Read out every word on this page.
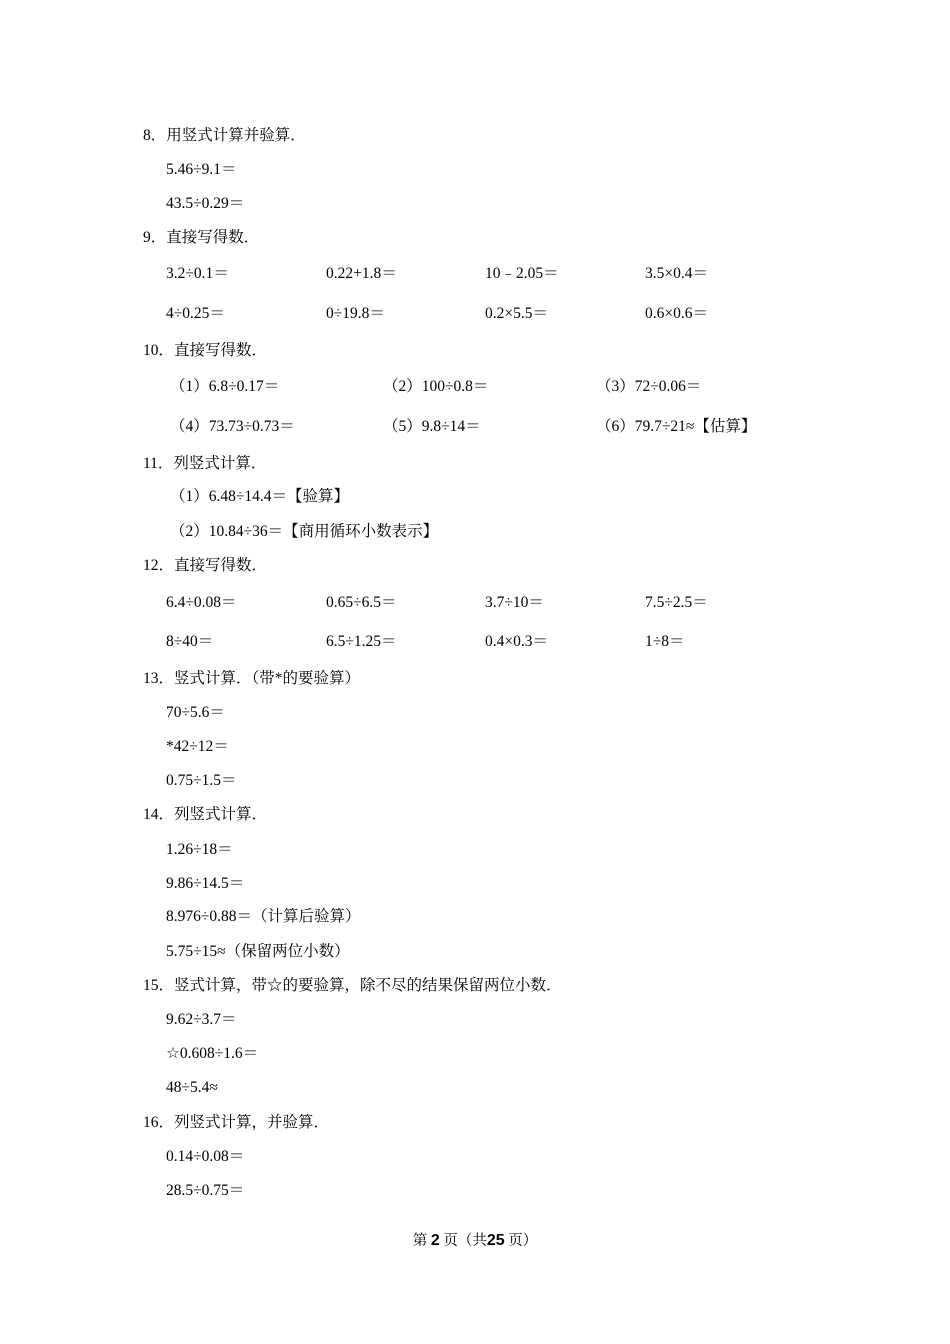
8．用竖式计算并验算．
5.46÷9.1＝
43.5÷0.29＝
9．直接写得数．
3.2÷0.1＝	0.22+1.8＝	10﹣2.05＝	3.5×0.4＝
4÷0.25＝	0÷19.8＝	0.2×5.5＝	0.6×0.6＝
10．直接写得数．
（1）6.8÷0.17＝	（2）100÷0.8＝	（3）72÷0.06＝
（4）73.73÷0.73＝	（5）9.8÷14＝	（6）79.7÷21≈【估算】
11．列竖式计算．
（1）6.48÷14.4＝【验算】
（2）10.84÷36＝【商用循环小数表示】
12．直接写得数．
6.4÷0.08＝	0.65÷6.5＝	3.7÷10＝	7.5÷2.5＝
8÷40＝	6.5÷1.25＝	0.4×0.3＝	1÷8＝
13．竖式计算．（带*的要验算）
70÷5.6＝
*42÷12＝
0.75÷1.5＝
14．列竖式计算．
1.26÷18＝
9.86÷14.5＝
8.976÷0.88＝（计算后验算）
5.75÷15≈（保留两位小数）
15．竖式计算，带☆的要验算，除不尽的结果保留两位小数．
9.62÷3.7＝
☆0.608÷1.6＝
48÷5.4≈
16．列竖式计算，并验算．
0.14÷0.08＝
28.5÷0.75＝
第 2 页（共25 页）
